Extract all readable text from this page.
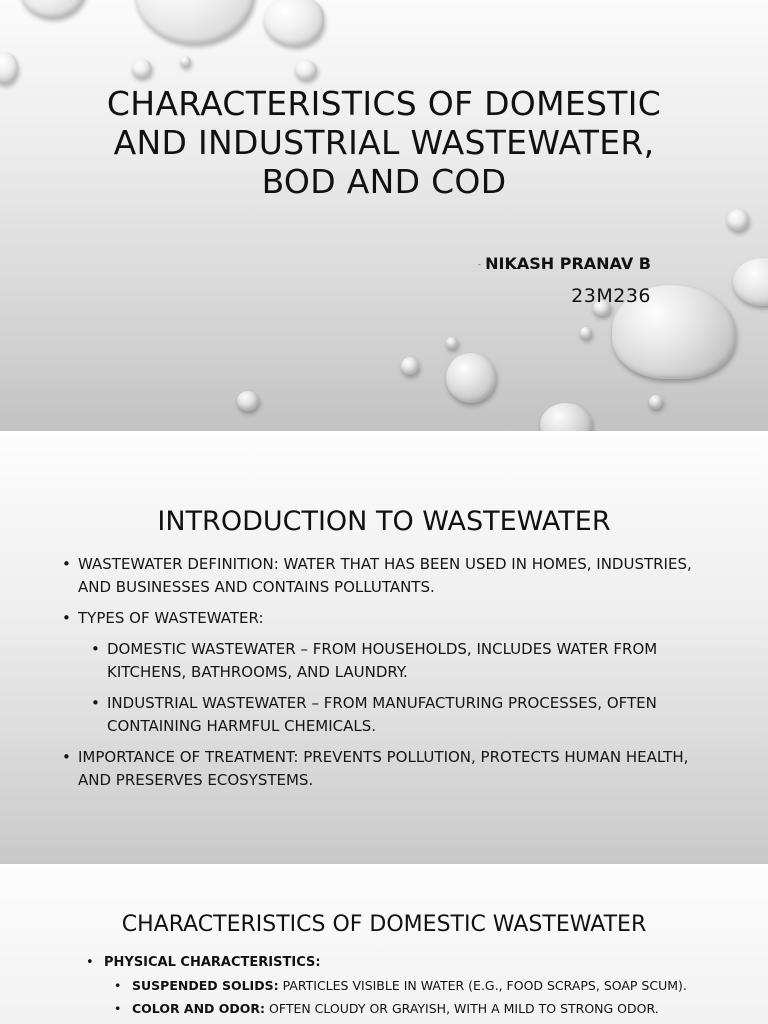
CHARACTERISTICS OF DOMESTIC AND INDUSTRIAL WASTEWATER, BOD AND COD
- NIKASH PRANAV B
23M236
INTRODUCTION TO WASTEWATER
• WASTEWATER DEFINITION: WATER THAT HAS BEEN USED IN HOMES, INDUSTRIES, AND BUSINESSES AND CONTAINS POLLUTANTS.
• TYPES OF WASTEWATER:
• DOMESTIC WASTEWATER – FROM HOUSEHOLDS, INCLUDES WATER FROM KITCHENS, BATHROOMS, AND LAUNDRY.
• INDUSTRIAL WASTEWATER – FROM MANUFACTURING PROCESSES, OFTEN CONTAINING HARMFUL CHEMICALS.
• IMPORTANCE OF TREATMENT: PREVENTS POLLUTION, PROTECTS HUMAN HEALTH, AND PRESERVES ECOSYSTEMS.
CHARACTERISTICS OF DOMESTIC WASTEWATER
• PHYSICAL CHARACTERISTICS:
• SUSPENDED SOLIDS: PARTICLES VISIBLE IN WATER (E.G., FOOD SCRAPS, SOAP SCUM).
• COLOR AND ODOR: OFTEN CLOUDY OR GRAYISH, WITH A MILD TO STRONG ODOR.
